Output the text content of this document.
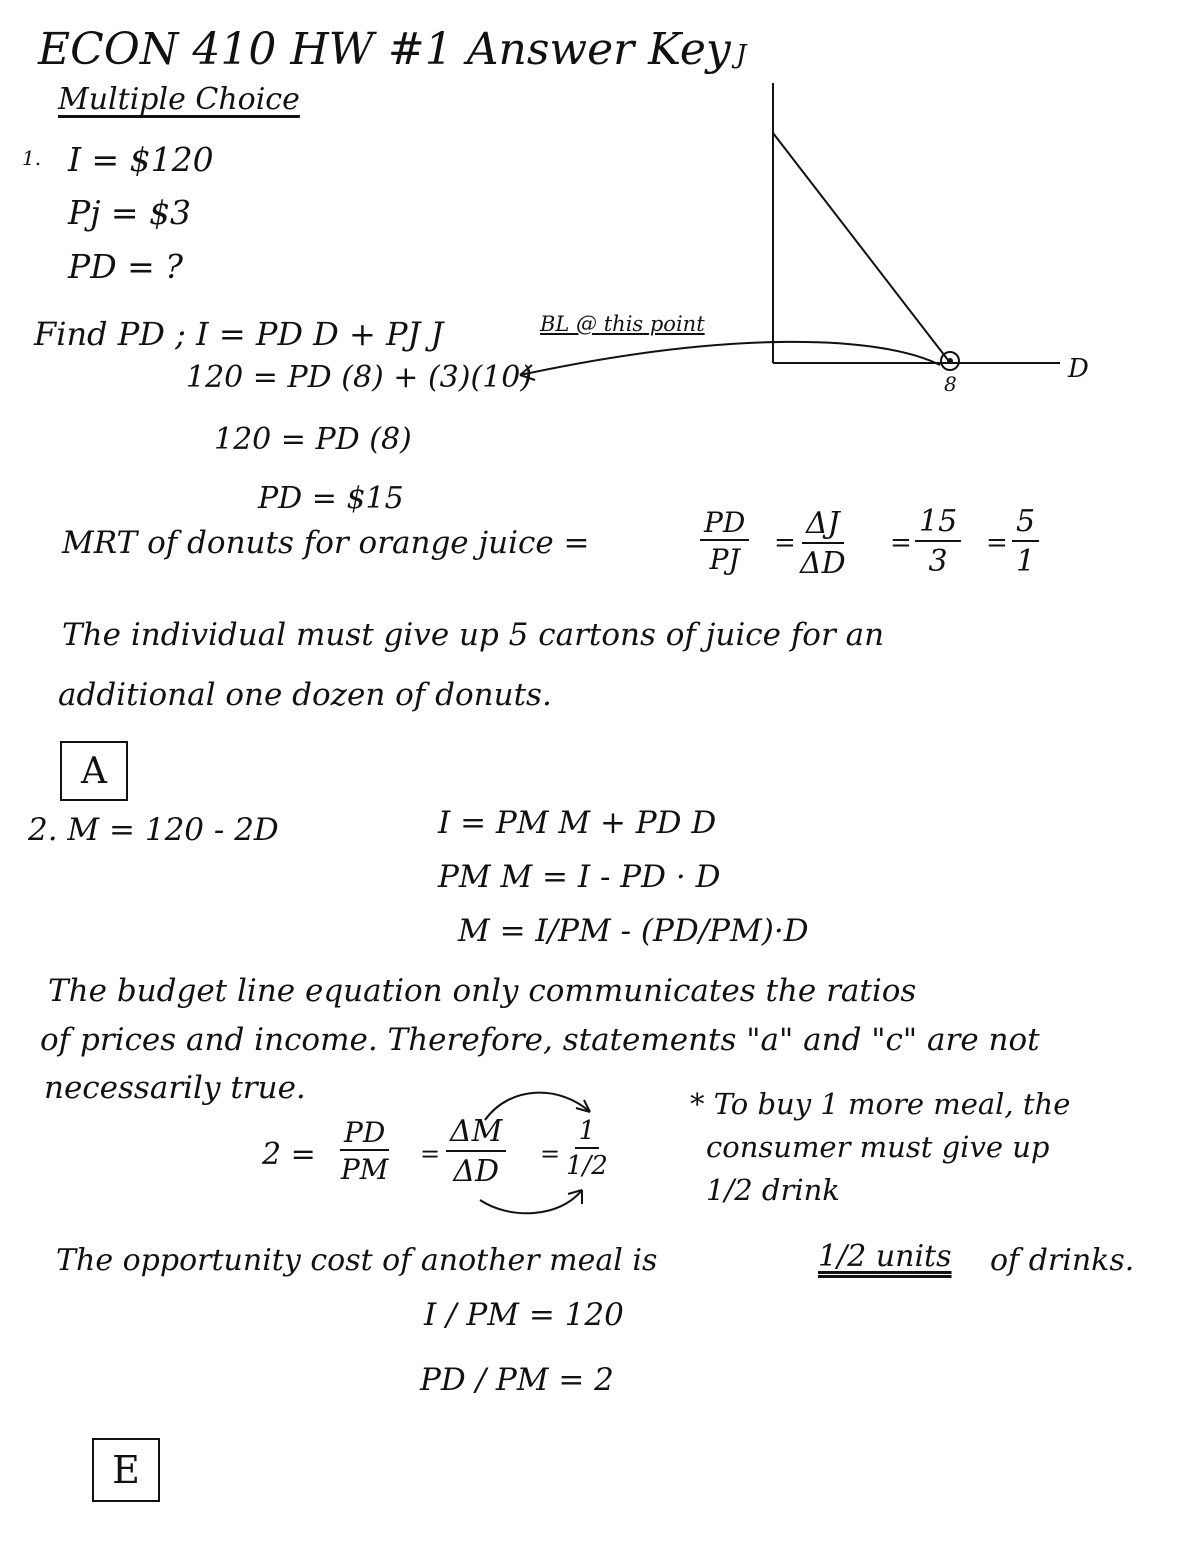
ECON 410 HW #1 Answer Key
Multiple Choice
1. I = $120
Pj = $3
PD = ?
Find PD ; I = PD D + PJ J
120 = PD (8) + (3)(10)
120 = PD (8)
PD = $15
BL @ this point
J
D
8
MRT of donuts for orange juice =	$\frac{PD}{PJ} = \frac{\Delta J}{\Delta D} = \frac{15}{3} = \frac{5}{1}$
The individual must give up 5 cartons of juice for an
additional one dozen of donuts.
A
2. M = 120 - 2D	I = PM M + PD D
PM M = I - PD · D
M = I/PM - (PD/PM)·D
The budget line equation only communicates the ratios
of prices and income. Therefore, statements "a" and "c" are not
necessarily true.
$2 = \frac{PD}{PM} = \frac{\Delta M}{\Delta D} = \frac{1}{1/2}$
* To buy 1 more meal, the
consumer must give up
1/2 drink
The opportunity cost of another meal is	1/2 units of drinks.
I / PM = 120
PD / PM = 2
E
